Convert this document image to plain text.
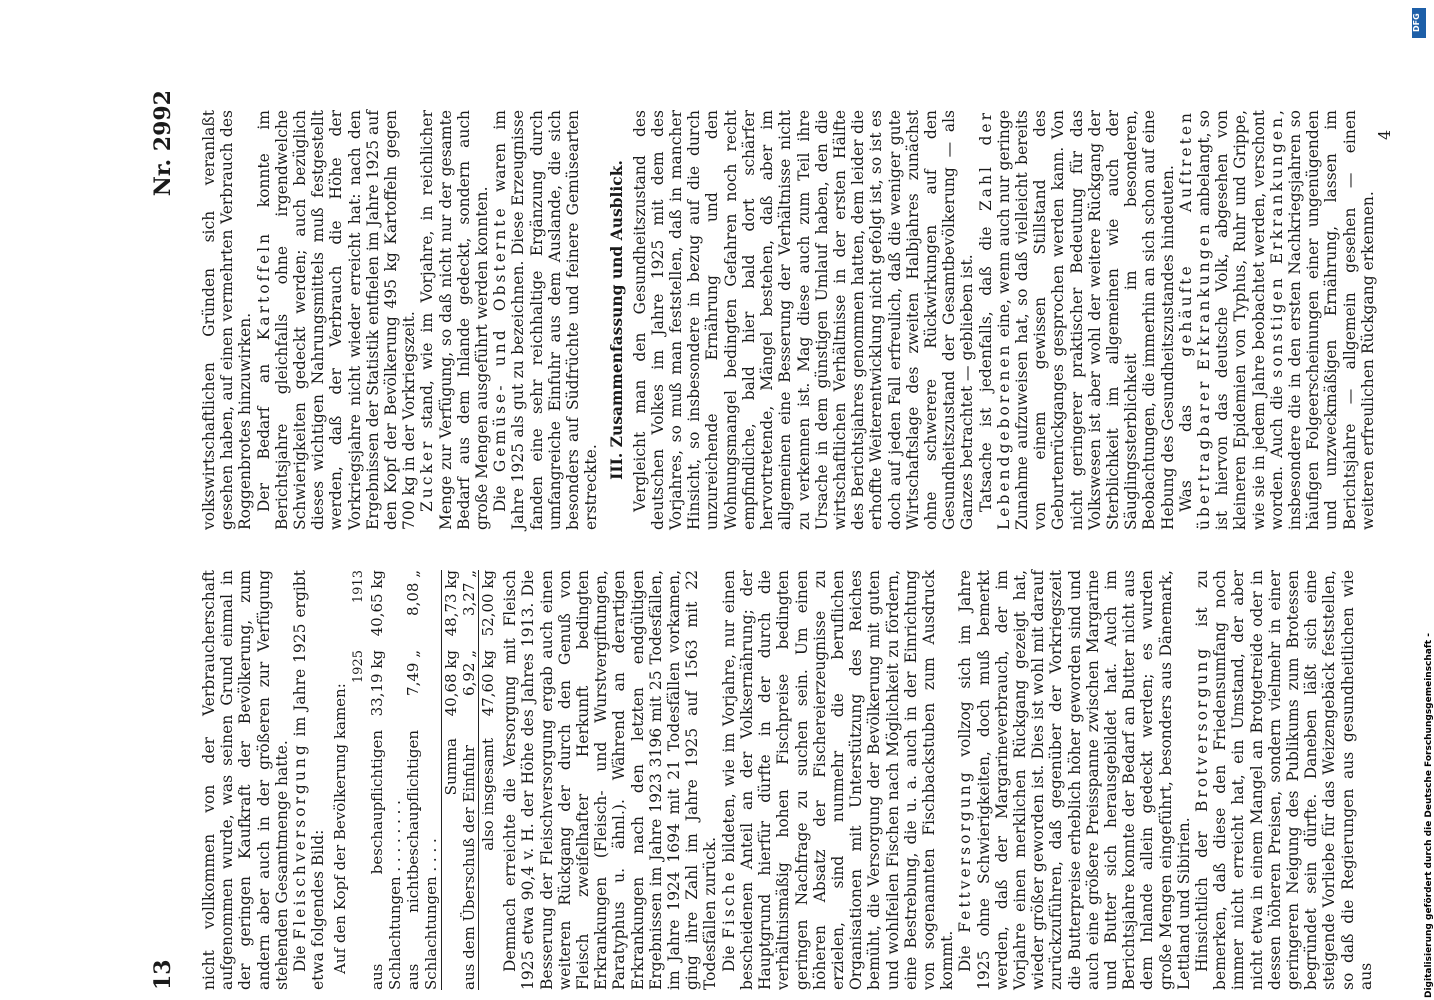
13
Nr. 2992

nicht vollkommen von der Verbraucherschaft aufgenommen wurde, was seinen Grund einmal in der geringen Kaufkraft der Bevölkerung, zum andern aber auch in der größeren zur Verfügung stehenden Gesamtmenge hatte. Die Fleischversorgung im Jahre 1925 ergibt etwa folgendes Bild: Auf den Kopf der Bevölkerung kamen:
1925
1913
aus beschaupflichtigen Schlachtungen . . . . . . . .
33,19 kg
40,65 kg
aus nichtbeschaupflichtigen Schlachtungen . . . .
7,49 „
8,08 „
Summa
40,68 kg
48,73 kg
aus dem Überschuß der Einfuhr
6,92 „
3,27 „
also insgesamt
47,60 kg
52,00 kg Demnach erreichte die Versorgung mit Fleisch 1925 etwa 90,4 v. H. der Höhe des Jahres 1913. Die Besserung der Fleischversorgung ergab auch einen weiteren Rückgang der durch den Genuß von Fleisch zweifelhafter Herkunft bedingten Erkrankungen (Fleisch- und Wurstvergiftungen, Paratyphus u. ähnl.). Während an derartigen Erkrankungen nach den letzten endgültigen Ergebnissen im Jahre 1923 3196 mit 25 Todesfällen, im Jahre 1924 1694 mit 21 Todesfällen vorkamen, ging ihre Zahl im Jahre 1925 auf 1563 mit 22 Todesfällen zurück. Die Fische bildeten, wie im Vorjahre, nur einen bescheidenen Anteil an der Volksernährung; der Hauptgrund hierfür dürfte in der durch die verhältnismäßig hohen Fischpreise bedingten geringen Nachfrage zu suchen sein. Um einen höheren Absatz der Fischereierzeugnisse zu erzielen, sind nunmehr die beruflichen Organisationen mit Unterstützung des Reiches bemüht, die Versorgung der Bevölkerung mit guten und wohlfeilen Fischen nach Möglichkeit zu fördern, eine Bestrebung, die u. a. auch in der Einrichtung von sogenannten Fischbackstuben zum Ausdruck kommt. Die Fettversorgung vollzog sich im Jahre 1925 ohne Schwierigkeiten, doch muß bemerkt werden, daß der Margarineverbrauch, der im Vorjahre einen merklichen Rückgang gezeigt hat, wieder größer geworden ist. Dies ist wohl mit darauf zurückzuführen, daß gegenüber der Vorkriegszeit die Butterpreise erheblich höher geworden sind und auch eine größere Preisspanne zwischen Margarine und Butter sich herausgebildet hat. Auch im Berichtsjahre konnte der Bedarf an Butter nicht aus dem Inlande allein gedeckt werden; es wurden große Mengen eingeführt, besonders aus Dänemark, Lettland und Sibirien. Hinsichtlich der Brotversorgung ist zu bemerken, daß diese den Friedensumfang noch immer nicht erreicht hat, ein Umstand, der aber nicht etwa in einem Mangel an Brotgetreide oder in dessen höheren Preisen, sondern vielmehr in einer geringeren Neigung des Publikums zum Brotessen begründet sein dürfte. Daneben läßt sich eine steigende Vorliebe für das Weizengebäck feststellen, so daß die Regierungen aus gesundheitlichen wie aus

volkswirtschaftlichen Gründen sich veranlaßt gesehen haben, auf einen vermehrten Verbrauch des Roggenbrotes hinzuwirken. Der Bedarf an Kartoffeln konnte im Berichtsjahre gleichfalls ohne irgendwelche Schwierigkeiten gedeckt werden; auch bezüglich dieses wichtigen Nahrungsmittels muß festgestellt werden, daß der Verbrauch die Höhe der Vorkriegsjahre nicht wieder erreicht hat: nach den Ergebnissen der Statistik entfielen im Jahre 1925 auf den Kopf der Bevölkerung 495 kg Kartoffeln gegen 700 kg in der Vorkriegszeit. Zucker stand, wie im Vorjahre, in reichlicher Menge zur Verfügung, so daß nicht nur der gesamte Bedarf aus dem Inlande gedeckt, sondern auch große Mengen ausgeführt werden konnten. Die Gemüse- und Obsternte waren im Jahre 1925 als gut zu bezeichnen. Diese Erzeugnisse fanden eine sehr reichhaltige Ergänzung durch umfangreiche Einfuhr aus dem Auslande, die sich besonders auf Südfrüchte und feinere Gemüsearten erstreckte.

III. Zusammenfassung und Ausblick. Vergleicht man den Gesundheitszustand des deutschen Volkes im Jahre 1925 mit dem des Vorjahres, so muß man feststellen, daß in mancher Hinsicht, so insbesondere in bezug auf die durch unzureichende Ernährung und den Wohnungsmangel bedingten Gefahren noch recht empfindliche, bald hier bald dort schärfer hervortretende, Mängel bestehen, daß aber im allgemeinen eine Besserung der Verhältnisse nicht zu verkennen ist. Mag diese auch zum Teil ihre Ursache in dem günstigen Umlauf haben, den die wirtschaftlichen Verhältnisse in der ersten Hälfte des Berichtsjahres genommen hatten, dem leider die erhoffte Weiterentwicklung nicht gefolgt ist, so ist es doch auf jeden Fall erfreulich, daß die weniger gute Wirtschaftslage des zweiten Halbjahres zunächst ohne schwerere Rückwirkungen auf den Gesundheitszustand der Gesamtbevölkerung — als Ganzes betrachtet — geblieben ist. Tatsache ist jedenfalls, daß die Zahl der Lebendgeborenen eine, wenn auch nur geringe Zunahme aufzuweisen hat, so daß vielleicht bereits von einem gewissen Stillstand des Geburtenrückganges gesprochen werden kann. Von nicht geringerer praktischer Bedeutung für das Volkswesen ist aber wohl der weitere Rückgang der Sterblichkeit im allgemeinen wie auch der Säuglingssterblichkeit im besonderen, Beobachtungen, die immerhin an sich schon auf eine Hebung des Gesundheitszustandes hindeuten. Was das gehäufte Auftreten übertragbarer Erkrankungen anbelangt, so ist hiervon das deutsche Volk, abgesehen von kleineren Epidemien von Typhus, Ruhr und Grippe, wie sie in jedem Jahre beobachtet werden, verschont worden. Auch die sonstigen Erkrankungen, insbesondere die in den ersten Nachkriegsjahren so häufigen Folgeerscheinungen einer ungenügenden und unzweckmäßigen Ernährung, lassen im Berichtsjahre — allgemein gesehen — einen weiteren erfreulichen Rückgang erkennen.

4
DFG
Digitalisierung gefördert durch die Deutsche Forschungsgemeinschaft -
